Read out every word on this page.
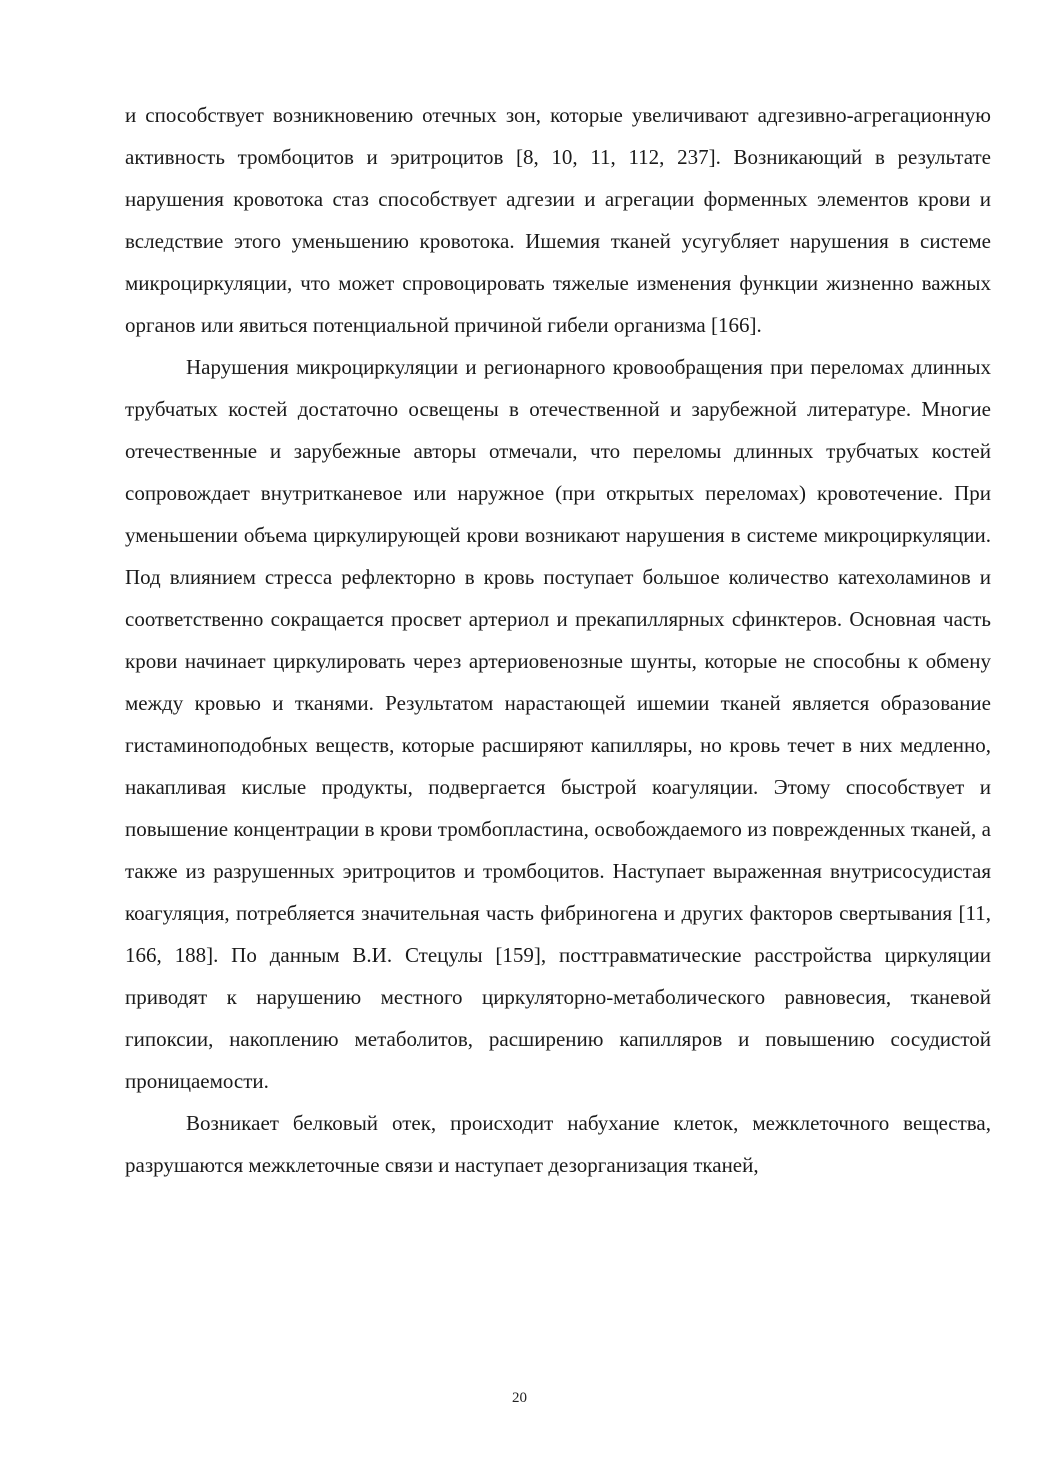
и способствует возникновению отечных зон, которые увеличивают адгезивно-агрегационную активность тромбоцитов и эритроцитов [8, 10, 11, 112, 237]. Возникающий в результате нарушения кровотока стаз способствует адгезии и агрегации форменных элементов крови и вследствие этого уменьшению кровотока. Ишемия тканей усугубляет нарушения в системе микроциркуляции, что может спровоцировать тяжелые изменения функции жизненно важных органов или явиться потенциальной причиной гибели организма [166].

Нарушения микроциркуляции и регионарного кровообращения при переломах длинных трубчатых костей достаточно освещены в отечественной и зарубежной литературе. Многие отечественные и зарубежные авторы отмечали, что переломы длинных трубчатых костей сопровождает внутритканевое или наружное (при открытых переломах) кровотечение. При уменьшении объема циркулирующей крови возникают нарушения в системе микроциркуляции. Под влиянием стресса рефлекторно в кровь поступает большое количество катехоламинов и соответственно сокращается просвет артериол и прекапиллярных сфинктеров. Основная часть крови начинает циркулировать через артериовенозные шунты, которые не способны к обмену между кровью и тканями. Результатом нарастающей ишемии тканей является образование гистаминоподобных веществ, которые расширяют капилляры, но кровь течет в них медленно, накапливая кислые продукты, подвергается быстрой коагуляции. Этому способствует и повышение концентрации в крови тромбопластина, освобождаемого из поврежденных тканей, а также из разрушенных эритроцитов и тромбоцитов. Наступает выраженная внутрисосудистая коагуляция, потребляется значительная часть фибриногена и других факторов свертывания [11, 166, 188]. По данным В.И. Стецулы [159], посттравматические расстройства циркуляции приводят к нарушению местного циркуляторно-метаболического равновесия, тканевой гипоксии, накоплению метаболитов, расширению капилляров и повышению сосудистой проницаемости.

Возникает белковый отек, происходит набухание клеток, межклеточного вещества, разрушаются межклеточные связи и наступает дезорганизация тканей,

20
